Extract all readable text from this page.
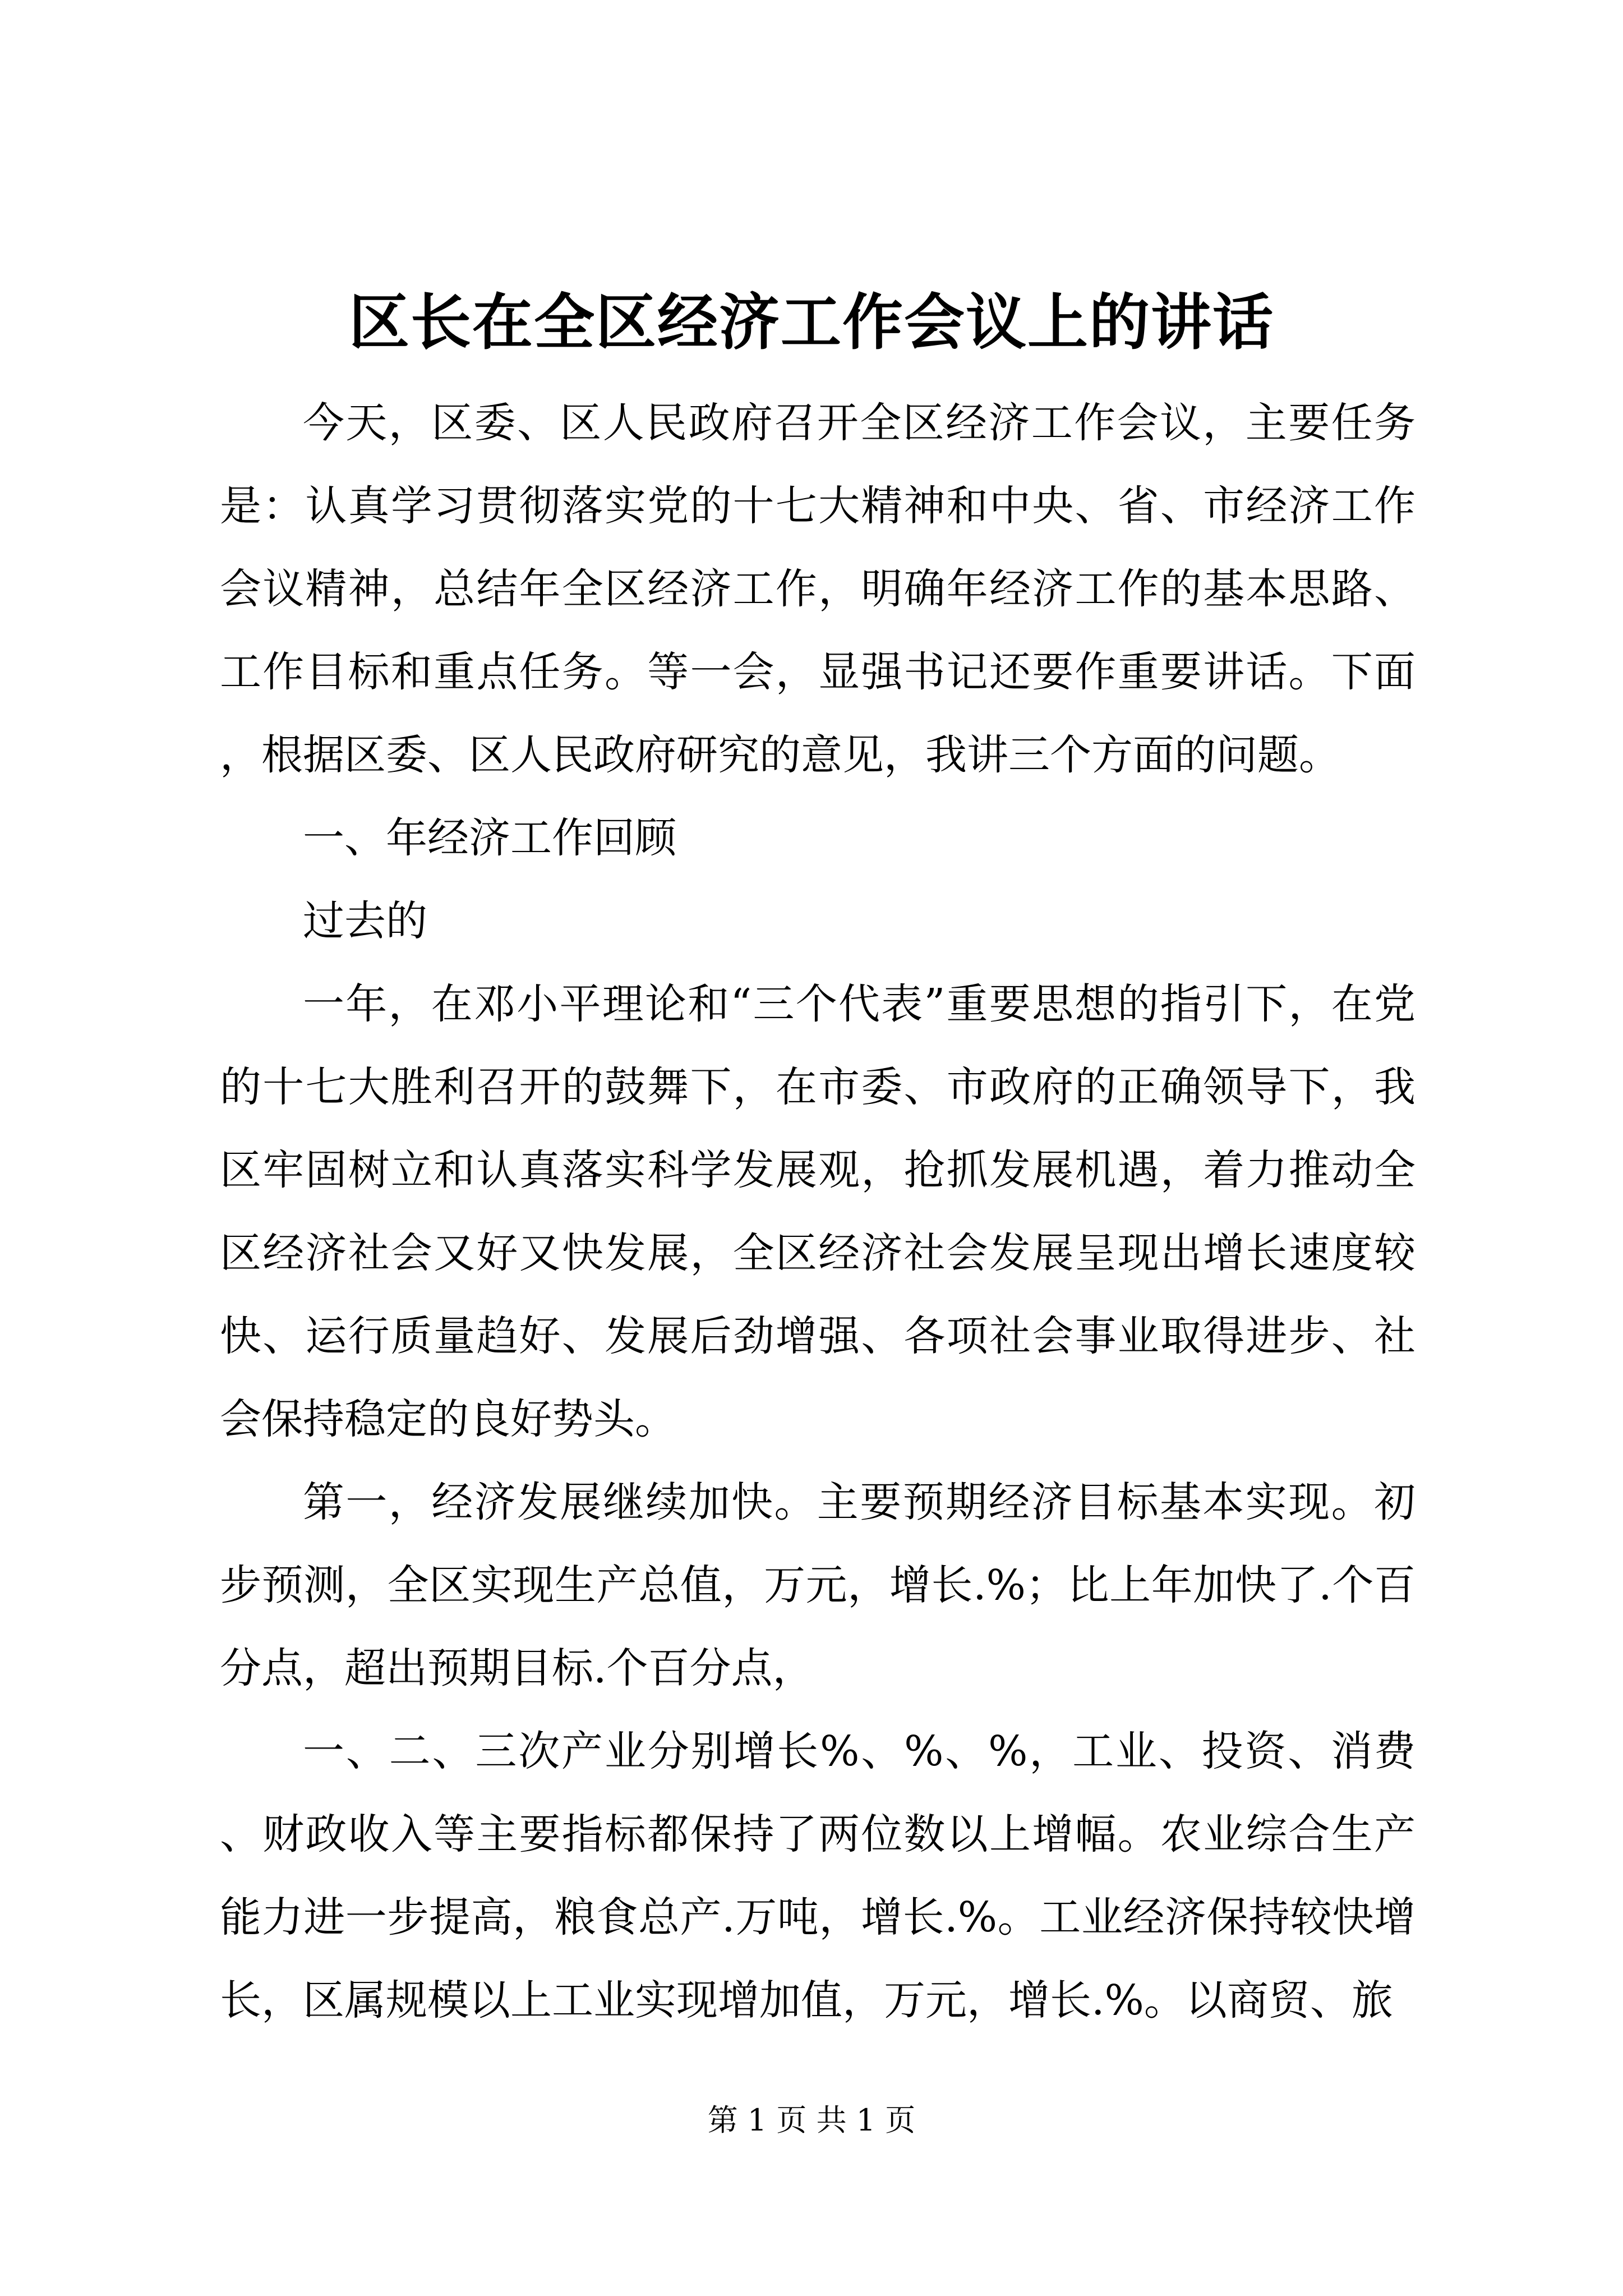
区长在全区经济工作会议上的讲话

今天，区委、区人民政府召开全区经济工作会议，主要任务是：认真学习贯彻落实党的十七大精神和中央、省、市经济工作会议精神，总结年全区经济工作，明确年经济工作的基本思路、工作目标和重点任务。等一会，显强书记还要作重要讲话。下面，根据区委、区人民政府研究的意见，我讲三个方面的问题。

一、年经济工作回顾

过去的

一年，在邓小平理论和“三个代表”重要思想的指引下，在党的十七大胜利召开的鼓舞下，在市委、市政府的正确领导下，我区牢固树立和认真落实科学发展观，抢抓发展机遇，着力推动全区经济社会又好又快发展，全区经济社会发展呈现出增长速度较快、运行质量趋好、发展后劲增强、各项社会事业取得进步、社会保持稳定的良好势头。

第一，经济发展继续加快。主要预期经济目标基本实现。初步预测，全区实现生产总值，万元，增长.%；比上年加快了.个百分点，超出预期目标.个百分点，

一、二、三次产业分别增长%、%、%，工业、投资、消费、财政收入等主要指标都保持了两位数以上增幅。农业综合生产能力进一步提高，粮食总产.万吨，增长.%。工业经济保持较快增长，区属规模以上工业实现增加值，万元，增长.%。以商贸、旅

第 1 页 共 1 页
